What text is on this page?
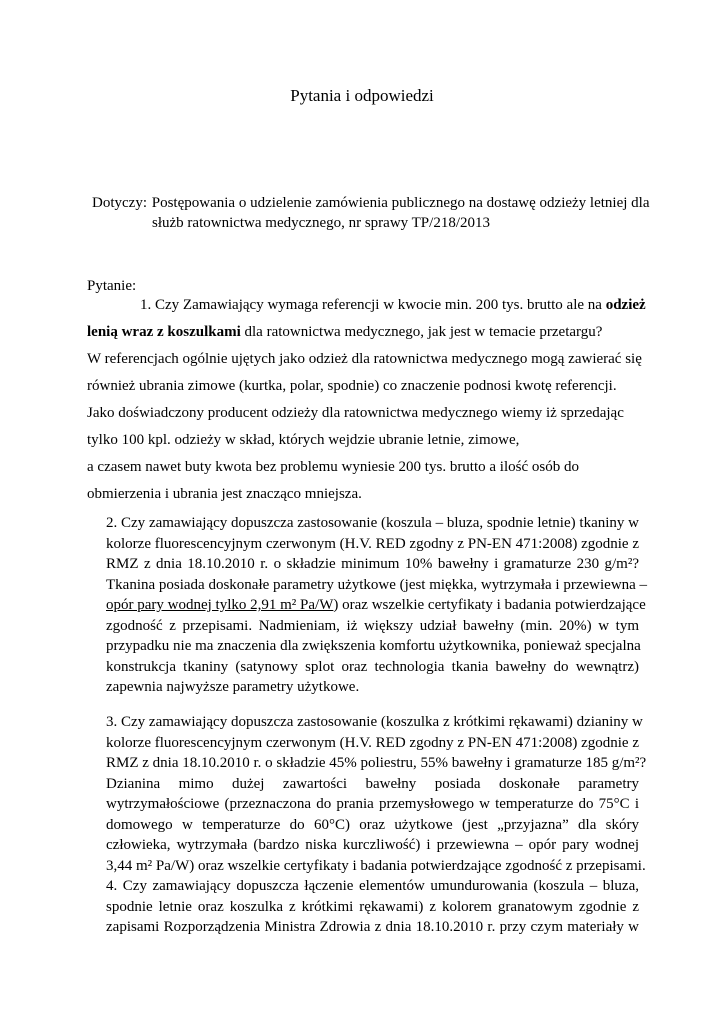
Pytania i odpowiedzi
Dotyczy: Postępowania o udzielenie zamówienia publicznego na dostawę odzieży letniej dla
służb ratownictwa medycznego, nr sprawy TP/218/2013
Pytanie:
1. Czy Zamawiający wymaga referencji w kwocie min. 200 tys. brutto ale na odzież
lenią wraz z koszulkami dla ratownictwa medycznego, jak jest w temacie przetargu?
W referencjach ogólnie ujętych jako odzież dla ratownictwa medycznego mogą zawierać się
również ubrania zimowe (kurtka, polar, spodnie) co znaczenie podnosi kwotę referencji.
Jako doświadczony producent odzieży dla ratownictwa medycznego wiemy iż sprzedając
tylko 100 kpl. odzieży w skład, których wejdzie ubranie letnie, zimowe,
a czasem nawet buty kwota bez problemu wyniesie 200 tys. brutto a ilość osób do
obmierzenia i ubrania jest znacząco mniejsza.
2. Czy zamawiający dopuszcza zastosowanie (koszula – bluza, spodnie letnie) tkaniny w
kolorze fluorescencyjnym czerwonym (H.V. RED zgodny z PN-EN 471:2008) zgodnie z
RMZ z dnia 18.10.2010 r. o składzie minimum 10% bawełny i gramaturze 230 g/m²?
Tkanina posiada doskonałe parametry użytkowe (jest miękka, wytrzymała i przewiewna –
opór pary wodnej tylko 2,91 m² Pa/W) oraz wszelkie certyfikaty i badania potwierdzające
zgodność z przepisami. Nadmieniam, iż większy udział bawełny (min. 20%) w tym
przypadku nie ma znaczenia dla zwiększenia komfortu użytkownika, ponieważ specjalna
konstrukcja tkaniny (satynowy splot oraz technologia tkania bawełny do wewnątrz)
zapewnia najwyższe parametry użytkowe.
3. Czy zamawiający dopuszcza zastosowanie (koszulka z krótkimi rękawami) dzianiny w
kolorze fluorescencyjnym czerwonym (H.V. RED zgodny z PN-EN 471:2008) zgodnie z
RMZ z dnia 18.10.2010 r. o składzie 45% poliestru, 55% bawełny i gramaturze 185 g/m²?
Dzianina mimo dużej zawartości bawełny posiada doskonałe parametry
wytrzymałościowe (przeznaczona do prania przemysłowego w temperaturze do 75°C i
domowego w temperaturze do 60°C) oraz użytkowe (jest „przyjazna” dla skóry
człowieka, wytrzymała (bardzo niska kurczliwość) i przewiewna – opór pary wodnej
3,44 m² Pa/W) oraz wszelkie certyfikaty i badania potwierdzające zgodność z przepisami.
4. Czy zamawiający dopuszcza łączenie elementów umundurowania (koszula – bluza,
spodnie letnie oraz koszulka z krótkimi rękawami) z kolorem granatowym zgodnie z
zapisami Rozporządzenia Ministra Zdrowia z dnia 18.10.2010 r. przy czym materiały w
